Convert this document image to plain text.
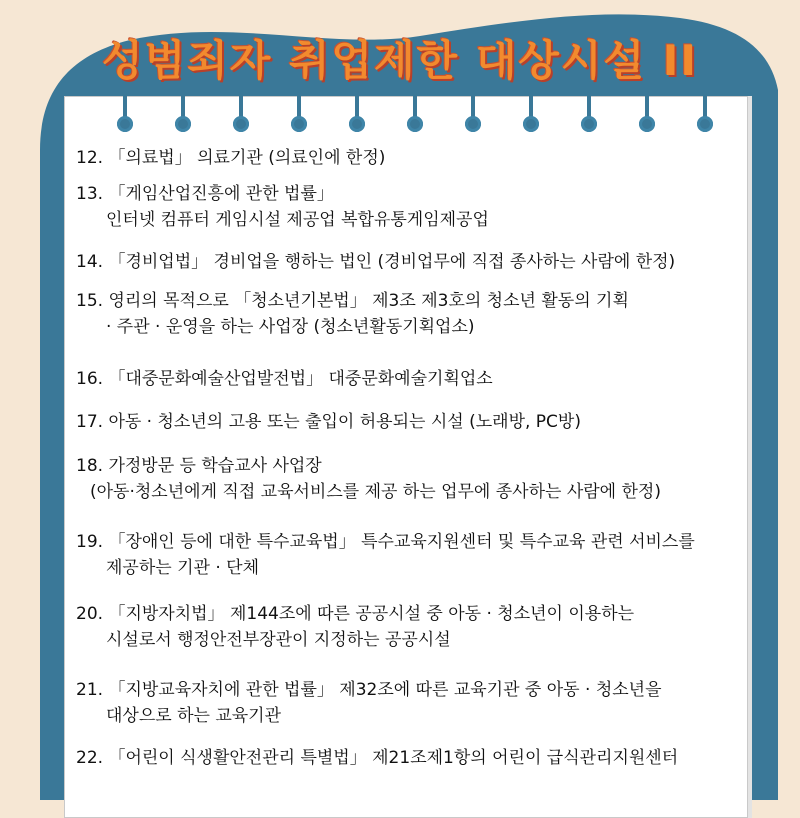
성범죄자 취업제한 대상시설 II
12. 「의료법」 의료기관 (의료인에 한정)
13. 「게임산업진흥에 관한 법률」
인터넷 컴퓨터 게임시설 제공업 복합유통게임제공업
14. 「경비업법」 경비업을 행하는 법인 (경비업무에 직접 종사하는 사람에 한정)
15. 영리의 목적으로 「청소년기본법」 제3조 제3호의 청소년 활동의 기획
· 주관 · 운영을 하는 사업장 (청소년활동기획업소)
16. 「대중문화예술산업발전법」 대중문화예술기획업소
17. 아동 · 청소년의 고용 또는 출입이 허용되는 시설 (노래방, PC방)
18. 가정방문 등 학습교사 사업장
(아동·청소년에게 직접 교육서비스를 제공 하는 업무에 종사하는 사람에 한정)
19. 「장애인 등에 대한 특수교육법」 특수교육지원센터 및 특수교육 관련 서비스를
제공하는 기관 · 단체
20. 「지방자치법」 제144조에 따른 공공시설 중 아동 · 청소년이 이용하는
시설로서 행정안전부장관이 지정하는 공공시설
21. 「지방교육자치에 관한 법률」 제32조에 따른 교육기관 중 아동 · 청소년을
대상으로 하는 교육기관
22. 「어린이 식생활안전관리 특별법」 제21조제1항의 어린이 급식관리지원센터
